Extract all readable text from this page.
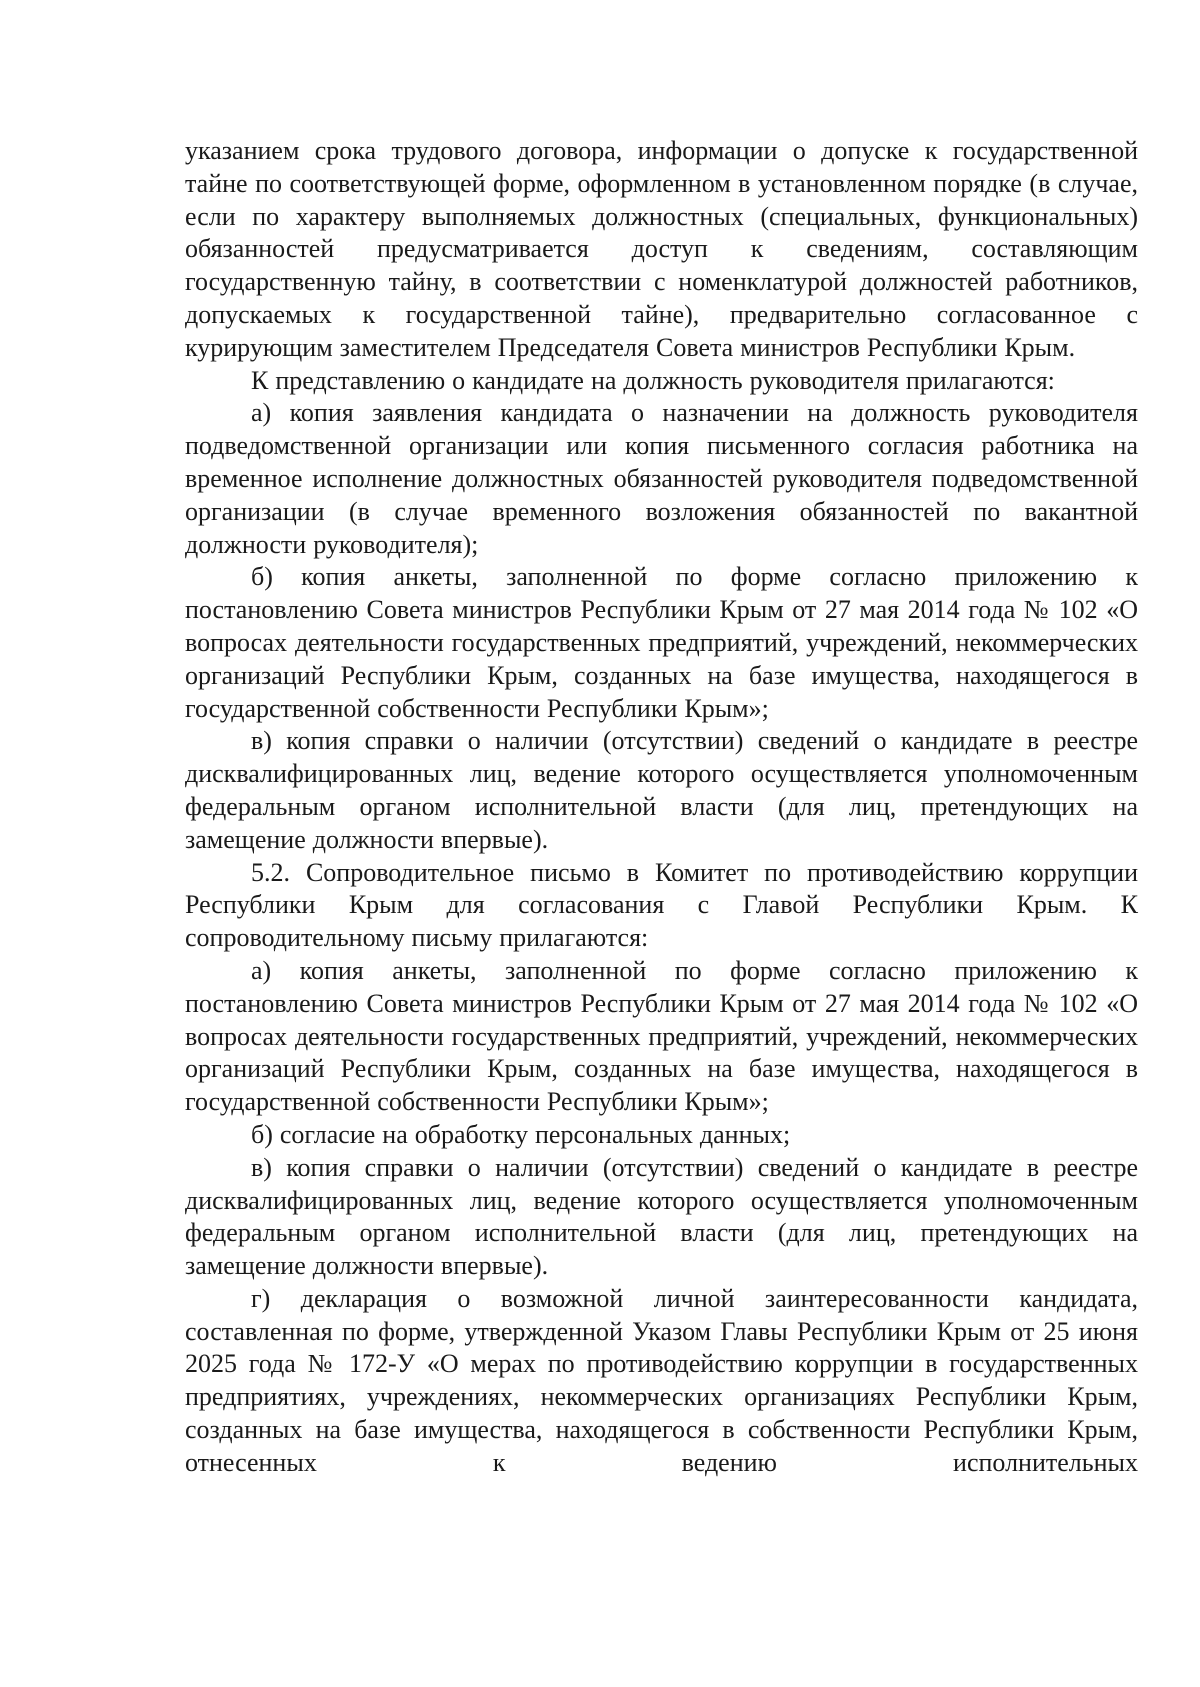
указанием срока трудового договора, информации о допуске к государственной тайне по соответствующей форме, оформленном в установленном порядке (в случае, если по характеру выполняемых должностных (специальных, функциональных) обязанностей предусматривается доступ к сведениям, составляющим государственную тайну, в соответствии с номенклатурой должностей работников, допускаемых к государственной тайне), предварительно согласованное с курирующим заместителем Председателя Совета министров Республики Крым.

К представлению о кандидате на должность руководителя прилагаются:

а) копия заявления кандидата о назначении на должность руководителя подведомственной организации или копия письменного согласия работника на временное исполнение должностных обязанностей руководителя подведомственной организации (в случае временного возложения обязанностей по вакантной должности руководителя);

б) копия анкеты, заполненной по форме согласно приложению к постановлению Совета министров Республики Крым от 27 мая 2014 года № 102 «О вопросах деятельности государственных предприятий, учреждений, некоммерческих организаций Республики Крым, созданных на базе имущества, находящегося в государственной собственности Республики Крым»;

в) копия справки о наличии (отсутствии) сведений о кандидате в реестре дисквалифицированных лиц, ведение которого осуществляется уполномоченным федеральным органом исполнительной власти (для лиц, претендующих на замещение должности впервые).

5.2. Сопроводительное письмо в Комитет по противодействию коррупции Республики Крым для согласования с Главой Республики Крым. К сопроводительному письму прилагаются:

а) копия анкеты, заполненной по форме согласно приложению к постановлению Совета министров Республики Крым от 27 мая 2014 года № 102 «О вопросах деятельности государственных предприятий, учреждений, некоммерческих организаций Республики Крым, созданных на базе имущества, находящегося в государственной собственности Республики Крым»;

б) согласие на обработку персональных данных;

в) копия справки о наличии (отсутствии) сведений о кандидате в реестре дисквалифицированных лиц, ведение которого осуществляется уполномоченным федеральным органом исполнительной власти (для лиц, претендующих на замещение должности впервые).

г) декларация о возможной личной заинтересованности кандидата, составленная по форме, утвержденной Указом Главы Республики Крым от 25 июня 2025 года № 172-У «О мерах по противодействию коррупции в государственных предприятиях, учреждениях, некоммерческих организациях Республики Крым, созданных на базе имущества, находящегося в собственности Республики Крым, отнесенных к ведению исполнительных
